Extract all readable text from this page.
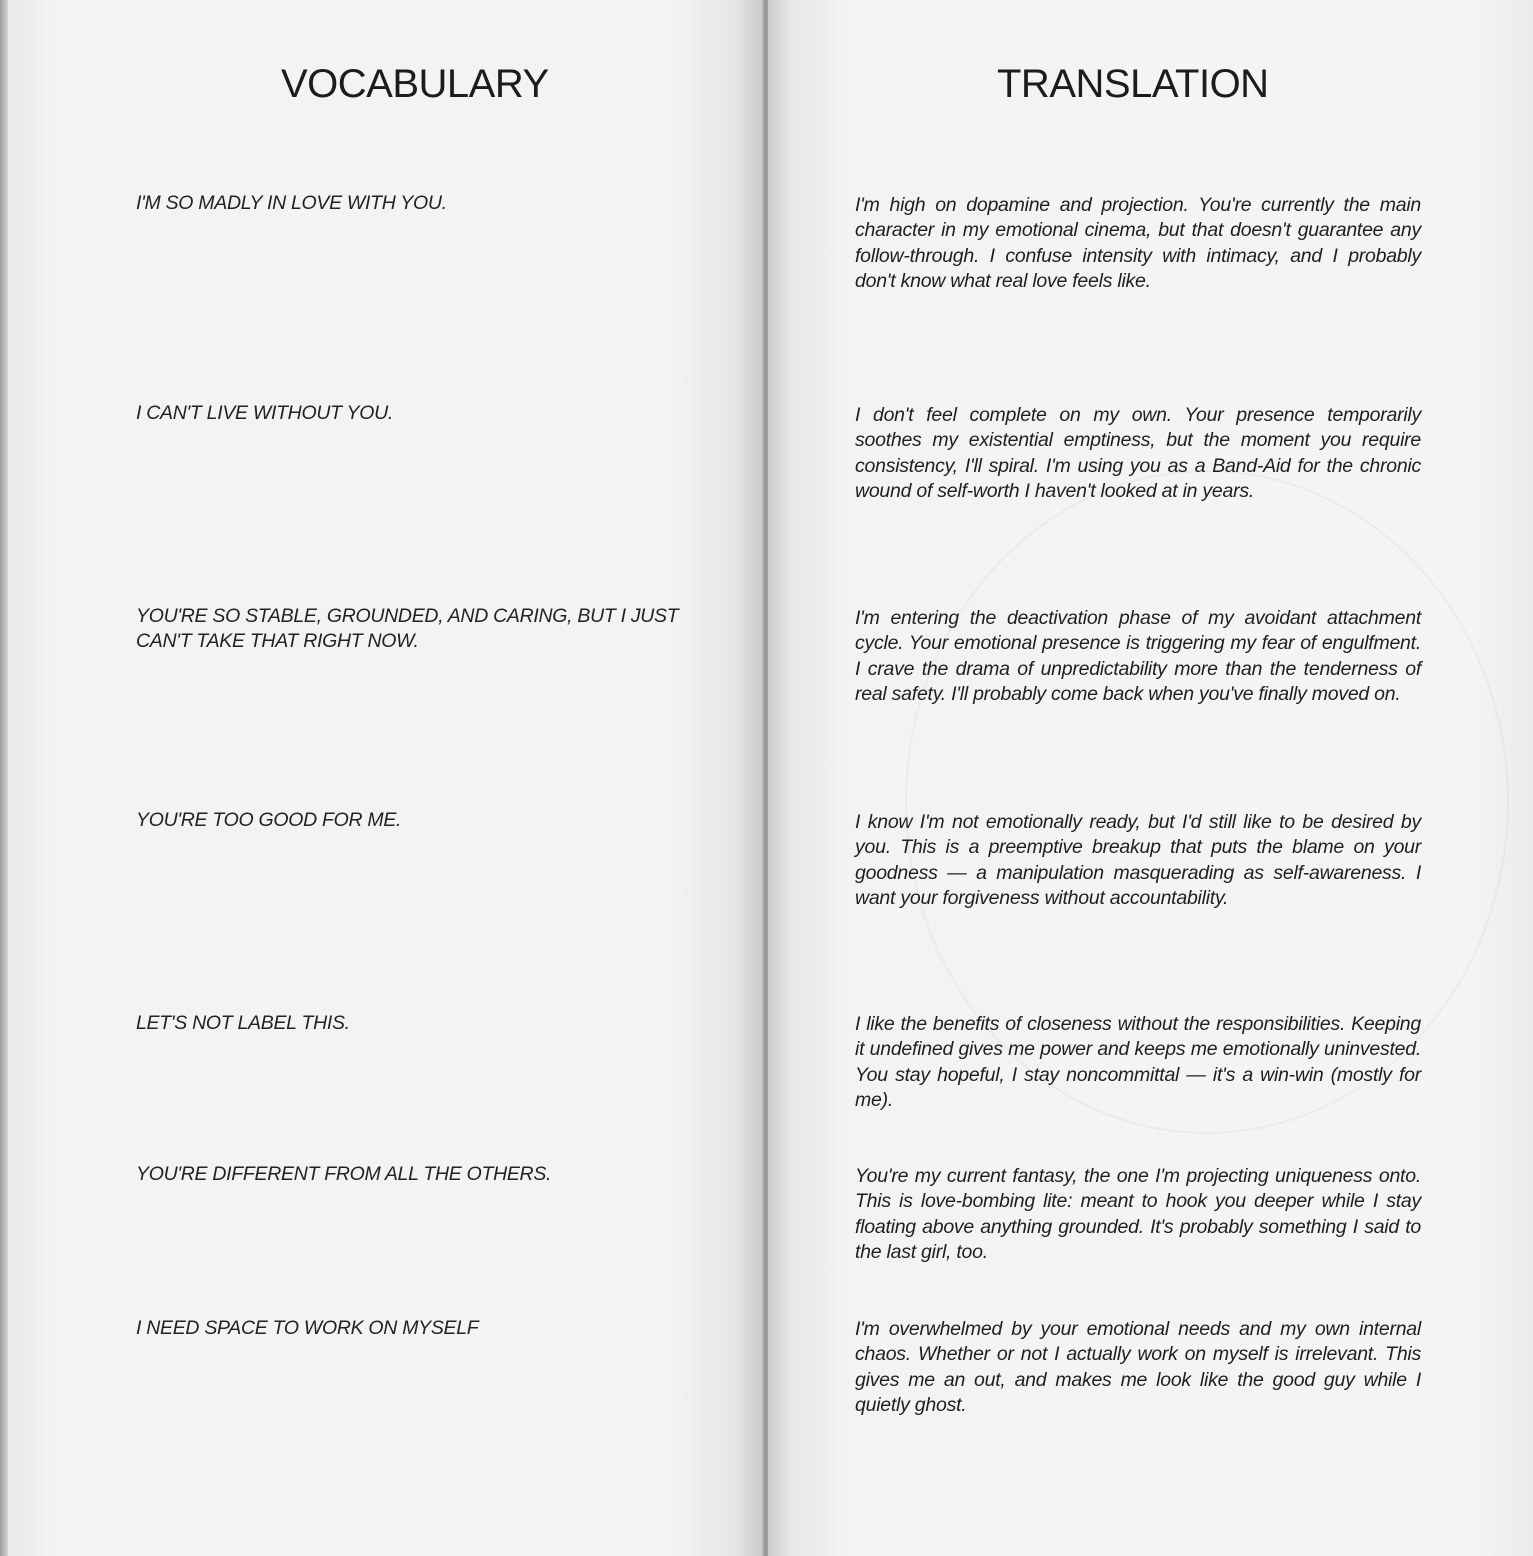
VOCABULARY	TRANSLATION

I'M SO MADLY IN LOVE WITH YOU.

I CAN'T LIVE WITHOUT YOU.

YOU'RE SO STABLE, GROUNDED, AND CARING, BUT I JUST CAN'T TAKE THAT RIGHT NOW.

YOU'RE TOO GOOD FOR ME.

LET'S NOT LABEL THIS.

YOU'RE DIFFERENT FROM ALL THE OTHERS.

I NEED SPACE TO WORK ON MYSELF

I'm high on dopamine and projection. You're currently the main character in my emotional cinema, but that doesn't guarantee any follow-through. I confuse intensity with intimacy, and I probably don't know what real love feels like.

I don't feel complete on my own. Your presence temporarily soothes my existential emptiness, but the moment you require consistency, I'll spiral. I'm using you as a Band-Aid for the chronic wound of self-worth I haven't looked at in years.

I'm entering the deactivation phase of my avoidant attachment cycle. Your emotional presence is triggering my fear of engulfment. I crave the drama of unpredictability more than the tenderness of real safety. I'll probably come back when you've finally moved on.

I know I'm not emotionally ready, but I'd still like to be desired by you. This is a preemptive breakup that puts the blame on your goodness — a manipulation masquerading as self-awareness. I want your forgiveness without accountability.

I like the benefits of closeness without the responsibilities. Keeping it undefined gives me power and keeps me emotionally uninvested. You stay hopeful, I stay noncommittal — it's a win-win (mostly for me).

You're my current fantasy, the one I'm projecting uniqueness onto. This is love-bombing lite: meant to hook you deeper while I stay floating above anything grounded. It's probably something I said to the last girl, too.

I'm overwhelmed by your emotional needs and my own internal chaos. Whether or not I actually work on myself is irrelevant. This gives me an out, and makes me look like the good guy while I quietly ghost.
